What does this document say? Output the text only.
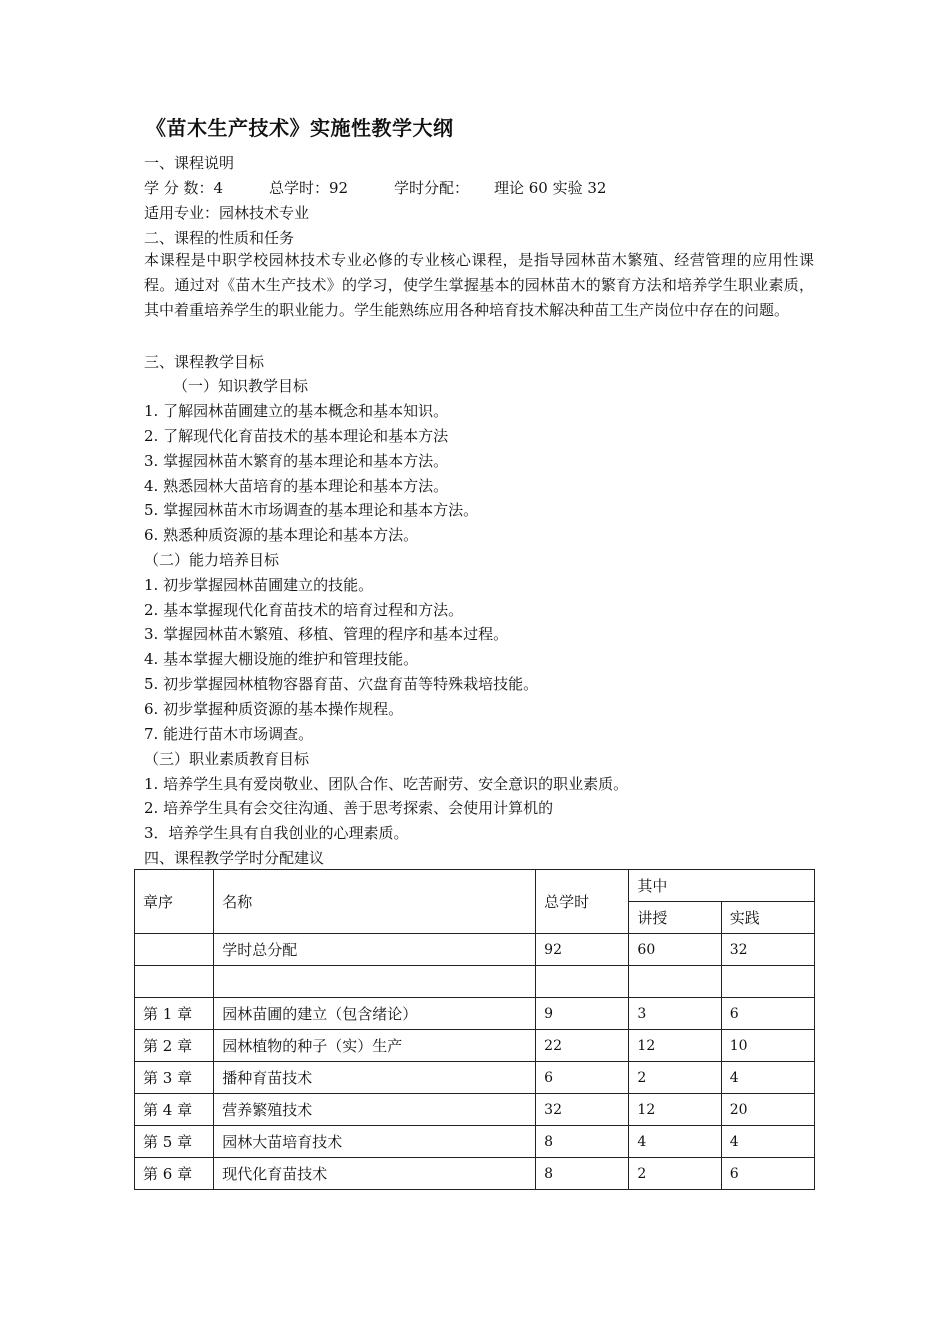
《苗木生产技术》实施性教学大纲
一、课程说明
学 分 数：4	总学时：92	学时分配： 理论 60 实验 32
适用专业：园林技术专业
二、课程的性质和任务
本课程是中职学校园林技术专业必修的专业核心课程，是指导园林苗木繁殖、经营管理的应用性课程。通过对《苗木生产技术》的学习，使学生掌握基本的园林苗木的繁育方法和培养学生职业素质，其中着重培养学生的职业能力。学生能熟练应用各种培育技术解决种苗工生产岗位中存在的问题。
三、课程教学目标
（一）知识教学目标
1. 了解园林苗圃建立的基本概念和基本知识。
2. 了解现代化育苗技术的基本理论和基本方法
3. 掌握园林苗木繁育的基本理论和基本方法。
4. 熟悉园林大苗培育的基本理论和基本方法。
5. 掌握园林苗木市场调查的基本理论和基本方法。
6. 熟悉种质资源的基本理论和基本方法。
（二）能力培养目标
1. 初步掌握园林苗圃建立的技能。
2. 基本掌握现代化育苗技术的培育过程和方法。
3. 掌握园林苗木繁殖、移植、管理的程序和基本过程。
4. 基本掌握大棚设施的维护和管理技能。
5. 初步掌握园林植物容器育苗、穴盘育苗等特殊栽培技能。
6. 初步掌握种质资源的基本操作规程。
7. 能进行苗木市场调查。
（三）职业素质教育目标
1. 培养学生具有爱岗敬业、团队合作、吃苦耐劳、安全意识的职业素质。
2. 培养学生具有会交往沟通、善于思考探索、会使用计算机的
3．培养学生具有自我创业的心理素质。
四、课程教学学时分配建议
章序	名称	总学时	其中	
			讲授	实践
	学时总分配	92	60	32

第 1 章	园林苗圃的建立（包含绪论）	9	3	6
第 2 章	园林植物的种子（实）生产	22	12	10
第 3 章	播种育苗技术	6	2	4
第 4 章	营养繁殖技术	32	12	20
第 5 章	园林大苗培育技术	8	4	4
第 6 章	现代化育苗技术	8	2	6
